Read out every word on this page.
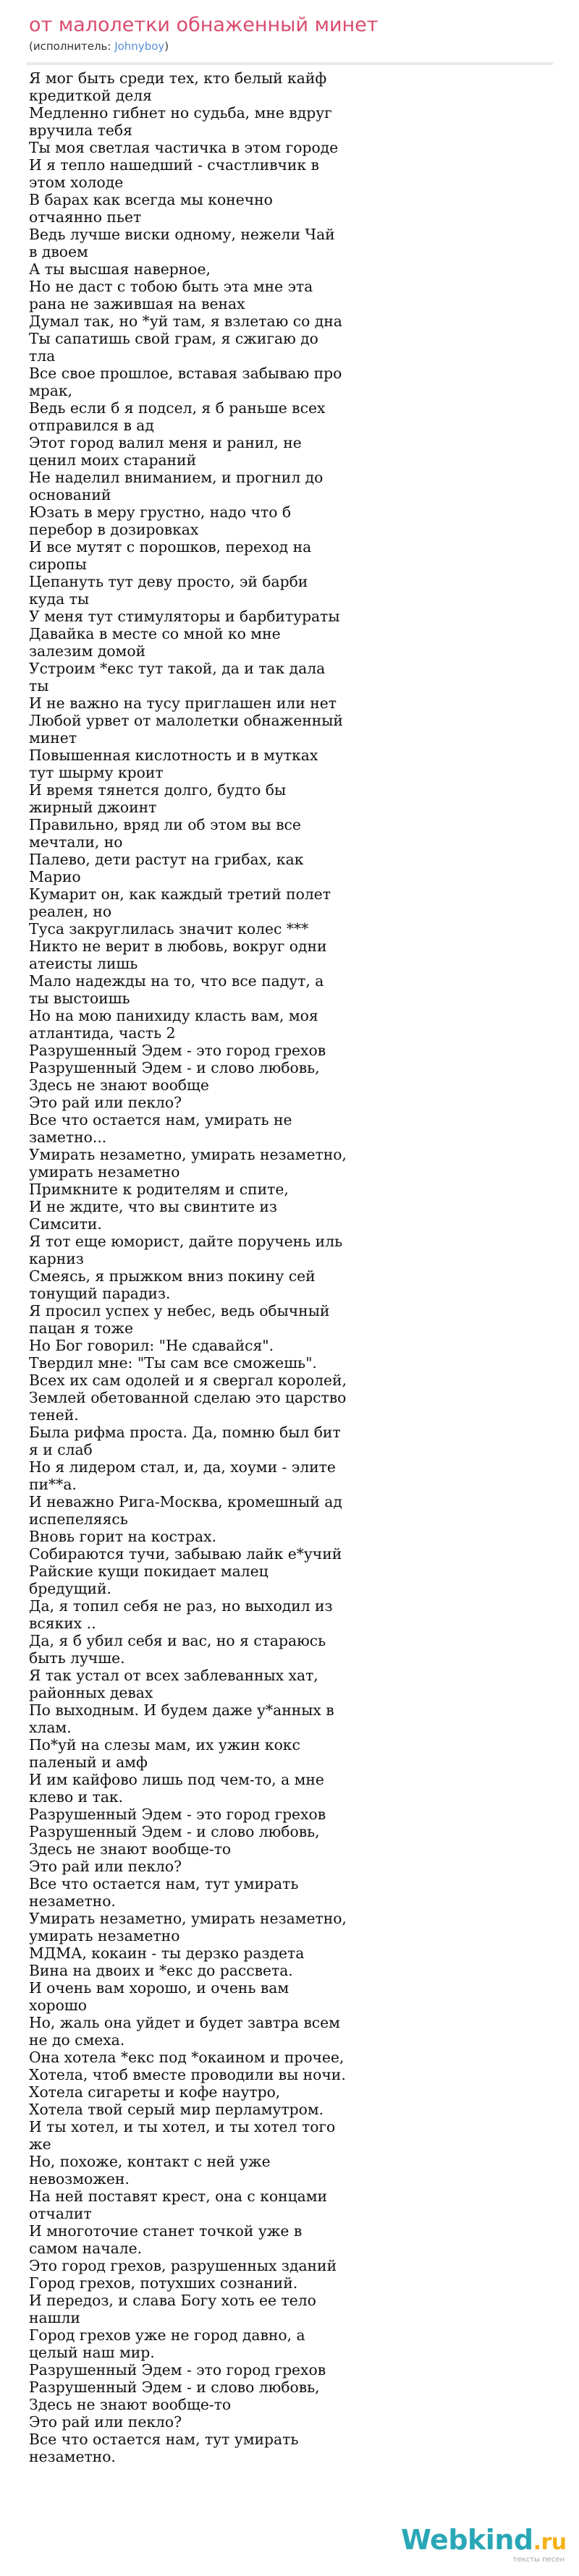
от малолетки обнаженный минет
(исполнитель: Johnyboy)
Я мог быть среди тех, кто белый кайф кредиткой деля
Медленно гибнет но судьба, мне вдруг вручила тебя
Ты моя светлая частичка в этом городе
И я тепло нашедший - счастливчик в этом холоде
В барах как всегда мы конечно отчаянно пьет
Ведь лучше виски одному, нежели Чай в двоем
А ты высшая наверное,
Но не даст с тобою быть эта мне эта рана не зажившая на венах
Думал так, но *уй там, я взлетаю со дна
Ты сапатишь свой грам, я сжигаю до тла
Все свое прошлое, вставая забываю про мрак,
Ведь если б я подсел, я б раньше всех отправился в ад
Этот город валил меня и ранил, не ценил моих стараний
Не наделил вниманием, и прогнил до оснований
Юзать в меру грустно, надо что б перебор в дозировках
И все мутят с порошков, переход на сиропы
Цепануть тут деву просто, эй барби куда ты
У меня тут стимуляторы и барбитураты
Давайка в месте со мной ко мне залезим домой
Устроим *екс тут такой, да и так дала ты
И не важно на тусу приглашен или нет
Любой урвет от малолетки обнаженный минет
Повышенная кислотность и в мутках тут шырму кроит
И время тянется долго, будто бы жирный джоинт
Правильно, вряд ли об этом вы все мечтали, но
Палево, дети растут на грибах, как Марио
Кумарит он, как каждый третий полет реален, но
Туса закруглилась значит колес ***
Никто не верит в любовь, вокруг одни атеисты лишь
Мало надежды на то, что все падут, а ты выстоишь
Но на мою панихиду класть вам, моя атлантида, часть 2
Разрушенный Эдем - это город грехов
Разрушенный Эдем - и слово любовь, Здесь не знают вообще
Это рай или пекло?
Все что остается нам, умирать не заметно...
Умирать незаметно, умирать незаметно, умирать незаметно
Примкните к родителям и спите,
И не ждите, что вы свинтите из Симсити.
Я тот еще юморист, дайте поручень иль карниз
Смеясь, я прыжком вниз покину сей тонущий парадиз.
Я просил успех у небес, ведь обычный пацан я тоже
Но Бог говорил: "Не сдавайся".
Твердил мне: "Ты сам все сможешь".
Всех их сам одолей и я свергал королей,
Землей обетованной сделаю это царство теней.
Была рифма проста. Да, помню был бит я и слаб
Но я лидером стал, и, да, хоуми - элите пи**а.
И неважно Рига-Москва, кромешный ад испепеляясь
Вновь горит на кострах.
Собираются тучи, забываю лайк е*учий
Райские кущи покидает малец бредущий.
Да, я топил себя не раз, но выходил из всяких ..
Да, я б убил себя и вас, но я стараюсь быть лучше.
Я так устал от всех заблеванных хат, районных девах
По выходным. И будем даже у*анных в хлам.
По*уй на слезы мам, их ужин кокс паленый и амф
И им кайфово лишь под чем-то, а мне клево и так.
Разрушенный Эдем - это город грехов
Разрушенный Эдем - и слово любовь, Здесь не знают вообще-то
Это рай или пекло?
Все что остается нам, тут умирать незаметно.
Умирать незаметно, умирать незаметно, умирать незаметно
МДМА, кокаин - ты дерзко раздета
Вина на двоих и *екс до рассвета.
И очень вам хорошо, и очень вам хорошо
Но, жаль она уйдет и будет завтра всем не до смеха.
Она хотела *екс под *окаином и прочее,
Хотела, чтоб вместе проводили вы ночи.
Хотела сигареты и кофе наутро,
Хотела твой серый мир перламутром.
И ты хотел, и ты хотел, и ты хотел того же
Но, похоже, контакт с ней уже невозможен.
На ней поставят крест, она с концами отчалит
И многоточие станет точкой уже в самом начале.
Это город грехов, разрушенных зданий
Город грехов, потухших сознаний.
И передоз, и слава Богу хоть ее тело нашли
Город грехов уже не город давно, а целый наш мир.
Разрушенный Эдем - это город грехов
Разрушенный Эдем - и слово любовь, Здесь не знают вообще-то
Это рай или пекло?
Все что остается нам, тут умирать незаметно.
Webkind.ru
тексты песен
